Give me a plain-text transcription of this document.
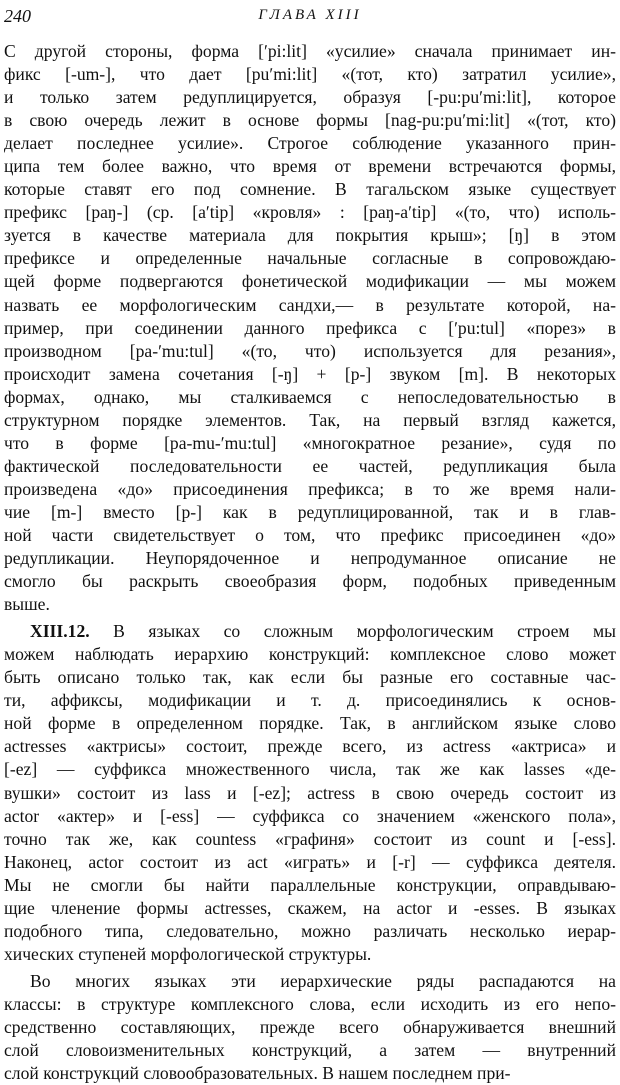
240	ГЛАВА XIII
С другой стороны, форма [ʹpi:lit] «усилие» сначала принимает ин-
фикс [-um-], что дает [puʹmi:lit] «(тот, кто) затратил усилие»,
и только затем редуплицируется, образуя [-pu:puʹmi:lit], которое
в свою очередь лежит в основе формы [nag-pu:puʹmi:lit] «(тот, кто)
делает последнее усилие». Строгое соблюдение указанного прин-
ципа тем более важно, что время от времени встречаются формы,
которые ставят его под сомнение. В тагальском языке существует
префикс [paŋ-] (ср. [aʹtip] «кровля» : [paŋ-aʹtip] «(то, что) исполь-
зуется в качестве материала для покрытия крыш»; [ŋ] в этом
префиксе и определенные начальные согласные в сопровождаю-
щей форме подвергаются фонетической модификации — мы можем
назвать ее морфологическим сандхи,— в результате которой, на-
пример, при соединении данного префикса с [ʹpu:tul] «порез» в
производном [pa-ʹmu:tul] «(то, что) используется для резания»,
происходит замена сочетания [-ŋ] + [p-] звуком [m]. В некоторых
формах, однако, мы сталкиваемся с непоследовательностью в
структурном порядке элементов. Так, на первый взгляд кажется,
что в форме [pa-mu-ʹmu:tul] «многократное резание», судя по
фактической последовательности ее частей, редупликация была
произведена «до» присоединения префикса; в то же время нали-
чие [m-] вместо [p-] как в редуплицированной, так и в глав-
ной части свидетельствует о том, что префикс присоединен «до»
редупликации. Неупорядоченное и непродуманное описание не
смогло бы раскрыть своеобразия форм, подобных приведенным
выше.
XIII.12. В языках со сложным морфологическим строем мы
можем наблюдать иерархию конструкций: комплексное слово может
быть описано только так, как если бы разные его составные час-
ти, аффиксы, модификации и т. д. присоединялись к основ-
ной форме в определенном порядке. Так, в английском языке слово
actresses «актрисы» состоит, прежде всего, из actress «актриса» и
[-ez] — суффикса множественного числа, так же как lasses «де-
вушки» состоит из lass и [-ez]; actress в свою очередь состоит из
actor «актер» и [-ess] — суффикса со значением «женского пола»,
точно так же, как countess «графиня» состоит из count и [-ess].
Наконец, actor состоит из act «играть» и [-r] — суффикса деятеля.
Мы не смогли бы найти параллельные конструкции, оправдываю-
щие членение формы actresses, скажем, на actor и -esses. В языках
подобного типа, следовательно, можно различать несколько иерар-
хических ступеней морфологической структуры.
Во многих языках эти иерархические ряды распадаются на
классы: в структуре комплексного слова, если исходить из его непо-
средственно составляющих, прежде всего обнаруживается внешний
слой словоизменительных конструкций, а затем — внутренний
слой конструкций словообразовательных. В нашем последнем при-
